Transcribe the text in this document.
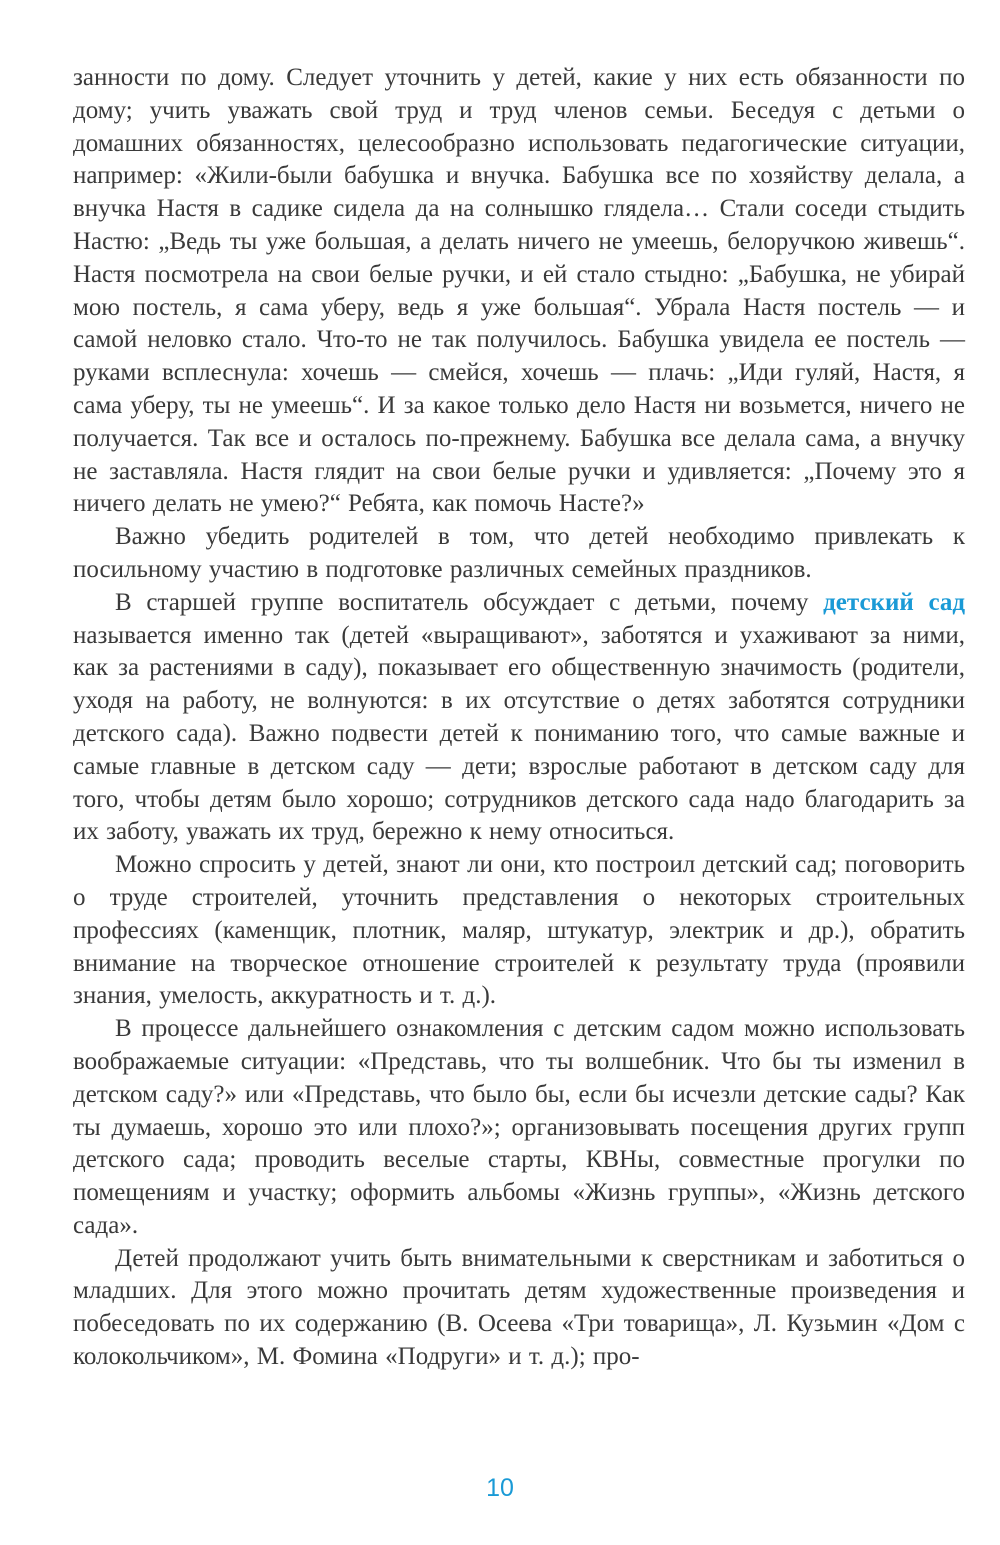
занности по дому. Следует уточнить у детей, какие у них есть обязанности по дому; учить уважать свой труд и труд членов семьи. Беседуя с детьми о домашних обязанностях, целесообразно использовать педагогические ситуации, например: «Жили-были бабушка и внучка. Бабушка все по хозяйству делала, а внучка Настя в садике сидела да на солнышко глядела… Стали соседи стыдить Настю: „Ведь ты уже большая, а делать ничего не умеешь, белоручкою живешь“. Настя посмотрела на свои белые ручки, и ей стало стыдно: „Бабушка, не убирай мою постель, я сама уберу, ведь я уже большая“. Убрала Настя постель — и самой неловко стало. Что-то не так получилось. Бабушка увидела ее постель — руками всплеснула: хочешь — смейся, хочешь — плачь: „Иди гуляй, Настя, я сама уберу, ты не умеешь“. И за какое только дело Настя ни возьмется, ничего не получается. Так все и осталось по-прежнему. Бабушка все делала сама, а внучку не заставляла. Настя глядит на свои белые ручки и удивляется: „Почему это я ничего делать не умею?“ Ребята, как помочь Насте?»

Важно убедить родителей в том, что детей необходимо привлекать к посильному участию в подготовке различных семейных праздников.

В старшей группе воспитатель обсуждает с детьми, почему детский сад называется именно так (детей «выращивают», заботятся и ухаживают за ними, как за растениями в саду), показывает его общественную значимость (родители, уходя на работу, не волнуются: в их отсутствие о детях заботятся сотрудники детского сада). Важно подвести детей к пониманию того, что самые важные и самые главные в детском саду — дети; взрослые работают в детском саду для того, чтобы детям было хорошо; сотрудников детского сада надо благодарить за их заботу, уважать их труд, бережно к нему относиться.

Можно спросить у детей, знают ли они, кто построил детский сад; поговорить о труде строителей, уточнить представления о некоторых строительных профессиях (каменщик, плотник, маляр, штукатур, электрик и др.), обратить внимание на творческое отношение строителей к результату труда (проявили знания, умелость, аккуратность и т. д.).

В процессе дальнейшего ознакомления с детским садом можно использовать воображаемые ситуации: «Представь, что ты волшебник. Что бы ты изменил в детском саду?» или «Представь, что было бы, если бы исчезли детские сады? Как ты думаешь, хорошо это или плохо?»; организовывать посещения других групп детского сада; проводить веселые старты, КВНы, совместные прогулки по помещениям и участку; оформить альбомы «Жизнь группы», «Жизнь детского сада».

Детей продолжают учить быть внимательными к сверстникам и заботиться о младших. Для этого можно прочитать детям художественные произведения и побеседовать по их содержанию (В. Осеева «Три товарища», Л. Кузьмин «Дом с колокольчиком», М. Фомина «Подруги» и т. д.); про-

10
